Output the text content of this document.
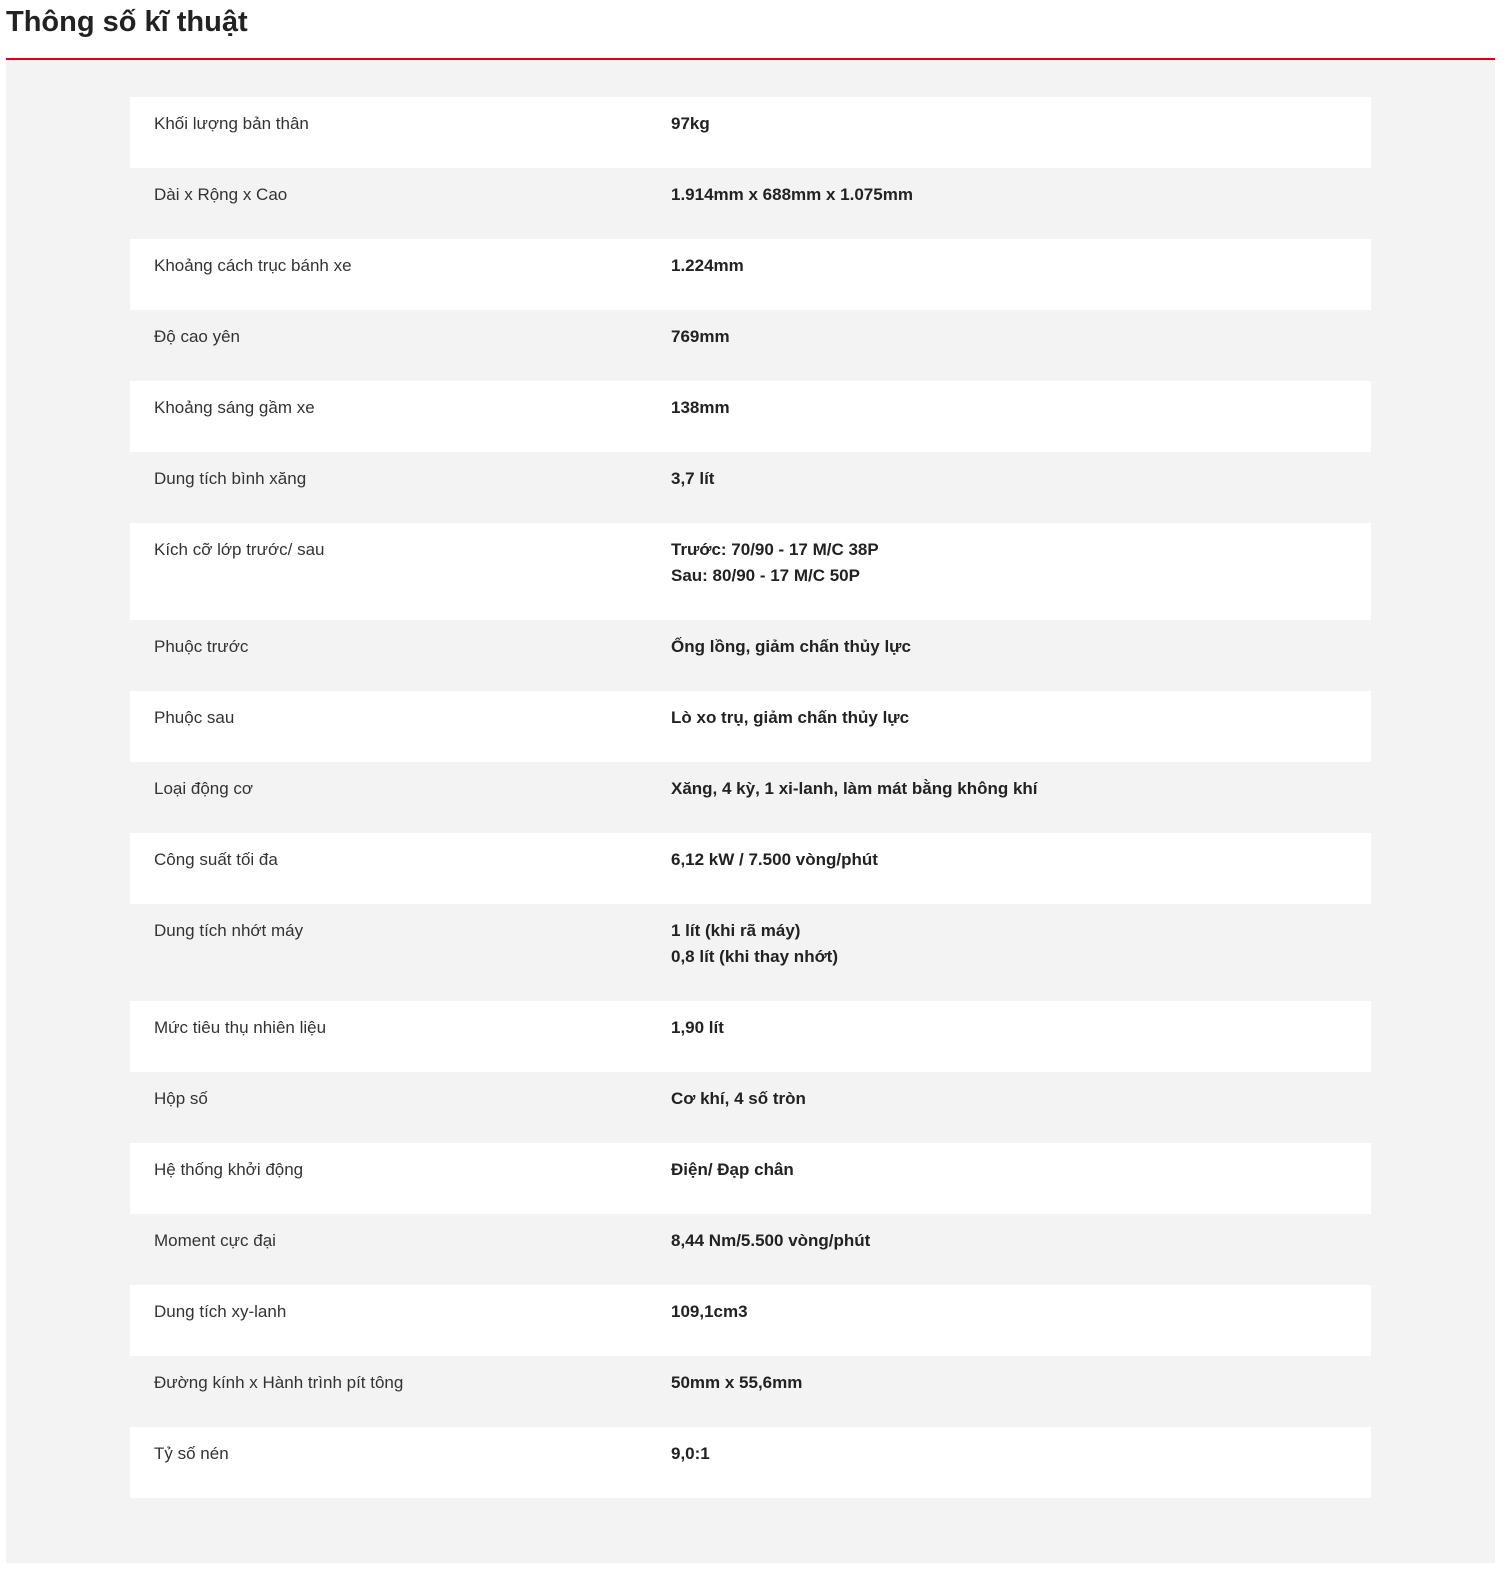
Thông số kĩ thuật
Khối lượng bản thân	97kg
Dài x Rộng x Cao	1.914mm x 688mm x 1.075mm
Khoảng cách trục bánh xe	1.224mm
Độ cao yên	769mm
Khoảng sáng gầm xe	138mm
Dung tích bình xăng	3,7 lít
Kích cỡ lớp trước/ sau	Trước: 70/90 - 17 M/C 38P
Sau: 80/90 - 17 M/C 50P
Phuộc trước	Ống lồng, giảm chấn thủy lực
Phuộc sau	Lò xo trụ, giảm chấn thủy lực
Loại động cơ	Xăng, 4 kỳ, 1 xi-lanh, làm mát bằng không khí
Công suất tối đa	6,12 kW / 7.500 vòng/phút
Dung tích nhớt máy	1 lít (khi rã máy)
0,8 lít (khi thay nhớt)
Mức tiêu thụ nhiên liệu	1,90 lít
Hộp số	Cơ khí, 4 số tròn
Hệ thống khởi động	Điện/ Đạp chân
Moment cực đại	8,44 Nm/5.500 vòng/phút
Dung tích xy-lanh	109,1cm3
Đường kính x Hành trình pít tông	50mm x 55,6mm
Tỷ số nén	9,0:1
